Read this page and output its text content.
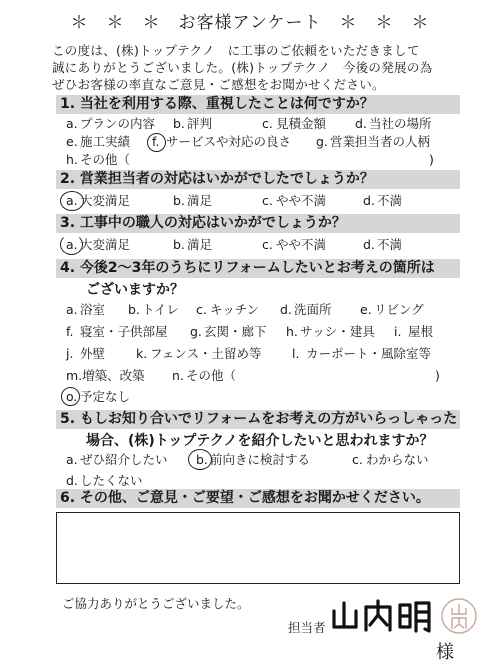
＊　＊　＊　お客様アンケート　＊　＊　＊
この度は、(株)トップテクノ　に工事のご依頼をいただきまして
誠にありがとうございました。(株)トップテクノ　今後の発展の為
ぜひお客様の率直なご意見・ご感想をお聞かせください。
1. 当社を利用する際、重視したことは何ですか？
a. プランの内容 b. 評判	c. 見積金額 d. 当社の場所
e. 施工実績 f. サービスや対応の良さ g. 営業担当者の人柄
h. その他（	)
2. 営業担当者の対応はいかがでしたでしょうか？
a. 大変満足	b. 満足	c. やや不満	d. 不満
3. 工事中の職人の対応はいかがでしょうか？
a. 大変満足	b. 満足	c. やや不満	d. 不満
4. 今後2～3年のうちにリフォームしたいとお考えの箇所は
ございますか？
a. 浴室 b. トイレ c. キッチン d. 洗面所 e. リビング
f. 寝室・子供部屋 g. 玄関・廊下 h. サッシ・建具 i. 屋根
j. 外壁 k. フェンス・土留め等 l. カーポート・風除室等
m.増築、改築 n. その他（	)
o. 予定なし
5. もしお知り合いでリフォームをお考えの方がいらっしゃった
場合、(株)トップテクノを紹介したいと思われますか？
a. ぜひ紹介したい b. 前向きに検討する	c. わからない
d. したくない
6. その他、ご意見・ご要望・ご感想をお聞かせください。
ご協力ありがとうございました。
担当者
様
